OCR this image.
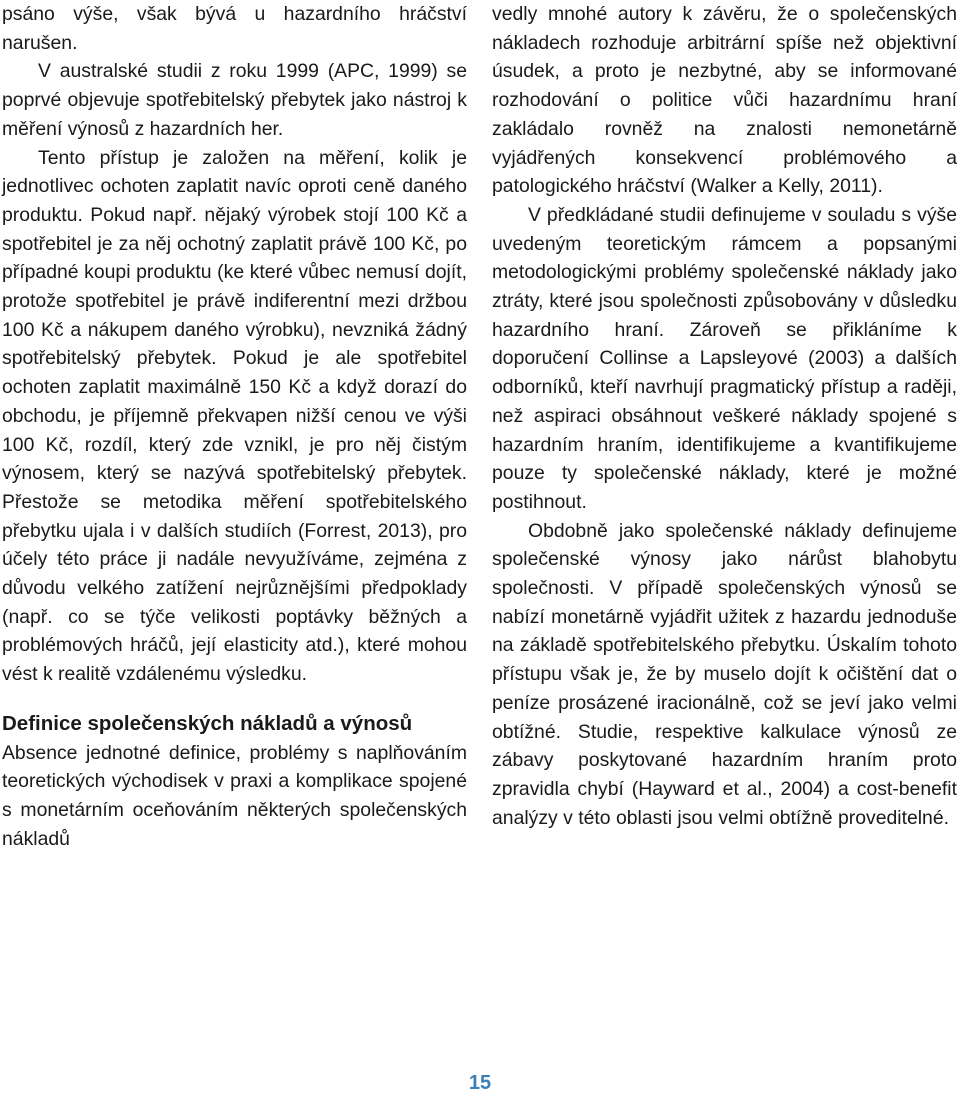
psáno výše, však bývá u hazardního hráčství narušen.

V australské studii z roku 1999 (APC, 1999) se poprvé objevuje spotřebitelský přebytek jako nástroj k měření výnosů z hazardních her.

Tento přístup je založen na měření, kolik je jednotlivec ochoten zaplatit navíc oproti ceně daného produktu. Pokud např. nějaký výrobek stojí 100 Kč a spotřebitel je za něj ochotný zaplatit právě 100 Kč, po případné koupi produktu (ke které vůbec nemusí dojít, protože spotřebitel je právě indiferentní mezi držbou 100 Kč a nákupem daného výrobku), nevzniká žádný spotřebitelský přebytek. Pokud je ale spotřebitel ochoten zaplatit maximálně 150 Kč a když dorazí do obchodu, je příjemně překvapen nižší cenou ve výši 100 Kč, rozdíl, který zde vznikl, je pro něj čistým výnosem, který se nazývá spotřebitelský přebytek. Přestože se metodika měření spotřebitelského přebytku ujala i v dalších studiích (Forrest, 2013), pro účely této práce ji nadále nevyužíváme, zejména z důvodu velkého zatížení nejrůznějšími předpoklady (např. co se týče velikosti poptávky běžných a problémových hráčů, její elasticity atd.), které mohou vést k realitě vzdálenému výsledku.

Definice společenských nákladů a výnosů

Absence jednotné definice, problémy s naplňováním teoretických východisek v praxi a komplikace spojené s monetárním oceňováním některých společenských nákladů

vedly mnohé autory k závěru, že o společenských nákladech rozhoduje arbitrární spíše než objektivní úsudek, a proto je nezbytné, aby se informované rozhodování o politice vůči hazardnímu hraní zakládalo rovněž na znalosti nemonetárně vyjádřených konsekvencí problémového a patologického hráčství (Walker a Kelly, 2011).

V předkládané studii definujeme v souladu s výše uvedeným teoretickým rámcem a popsanými metodologickými problémy společenské náklady jako ztráty, které jsou společnosti způsobovány v důsledku hazardního hraní. Zároveň se přikláníme k doporučení Collinse a Lapsleyové (2003) a dalších odborníků, kteří navrhují pragmatický přístup a raději, než aspiraci obsáhnout veškeré náklady spojené s hazardním hraním, identifikujeme a kvantifikujeme pouze ty společenské náklady, které je možné postihnout.

Obdobně jako společenské náklady definujeme společenské výnosy jako nárůst blahobytu společnosti. V případě společenských výnosů se nabízí monetárně vyjádřit užitek z hazardu jednoduše na základě spotřebitelského přebytku. Úskalím tohoto přístupu však je, že by muselo dojít k očištění dat o peníze prosázené iracionálně, což se jeví jako velmi obtížné. Studie, respektive kalkulace výnosů ze zábavy poskytované hazardním hraním proto zpravidla chybí (Hayward et al., 2004) a cost-benefit analýzy v této oblasti jsou velmi obtížně proveditelné.

15
